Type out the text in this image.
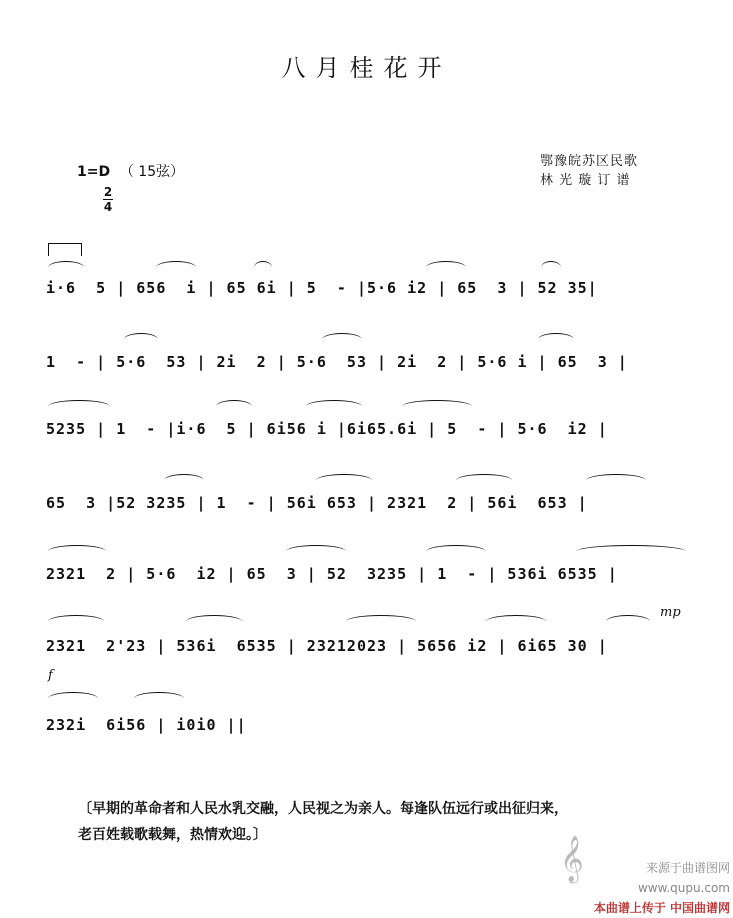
八月桂花开
鄂豫皖苏区民歌
林 光 璇 订 谱
1=D （ 15弦）
2
4
i·6  5 | 656  i | 65 6i | 5  - |5·6 i2 | 65  3 | 52 35|
1  - | 5·6  53 | 2i  2 | 5·6  53 | 2i  2 | 5·6 i | 65  3 |
5235 | 1  - |i·6  5 | 6i56 i |6i65.6i | 5  - | 5·6  i2 |
65  3 |52 3235 | 1  - | 56i 653 | 2321  2 | 56i  653 |
2321  2 | 5·6  i2 | 65  3 | 52  3235 | 1  - | 536i 6535 |
mp
2321  2'23 | 536i  6535 | 23212023 | 5656 i2 | 6i65 30 |
f
232i  6i56 | i0i0 ||

〔早期的革命者和人民水乳交融，人民视之为亲人。每逢队伍远行或出征归来，

老百姓载歌载舞，热情欢迎。〕

𝄞	来源于曲谱图网
www.qupu.com
本曲谱上传于 中国曲谱网
